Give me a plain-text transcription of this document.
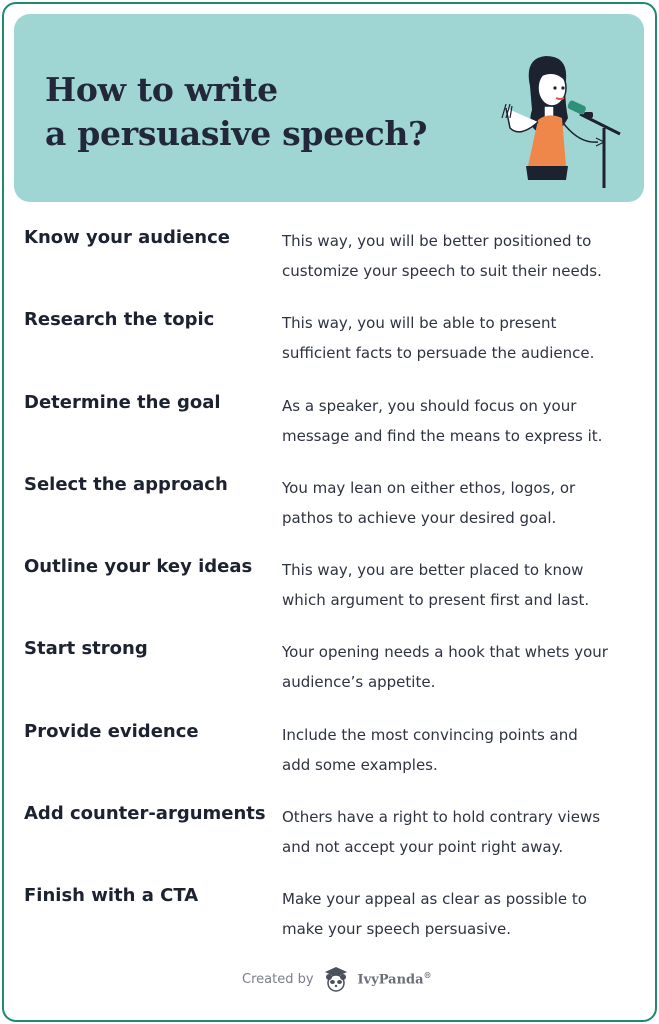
How to write
a persuasive speech?
Know your audience	This way, you will be better positioned to
customize your speech to suit their needs.
Research the topic	This way, you will be able to present
sufficient facts to persuade the audience.
Determine the goal	As a speaker, you should focus on your
message and find the means to express it.
Select the approach	You may lean on either ethos, logos, or
pathos to achieve your desired goal.
Outline your key ideas This way, you are better placed to know
which argument to present first and last.
Start strong	Your opening needs a hook that whets your
audience’s appetite.
Provide evidence	Include the most convincing points and
add some examples.
Add counter-arguments Others have a right to hold contrary views
and not accept your point right away.
Finish with a CTA	Make your appeal as clear as possible to
make your speech persuasive.
Created by	IvyPanda®
